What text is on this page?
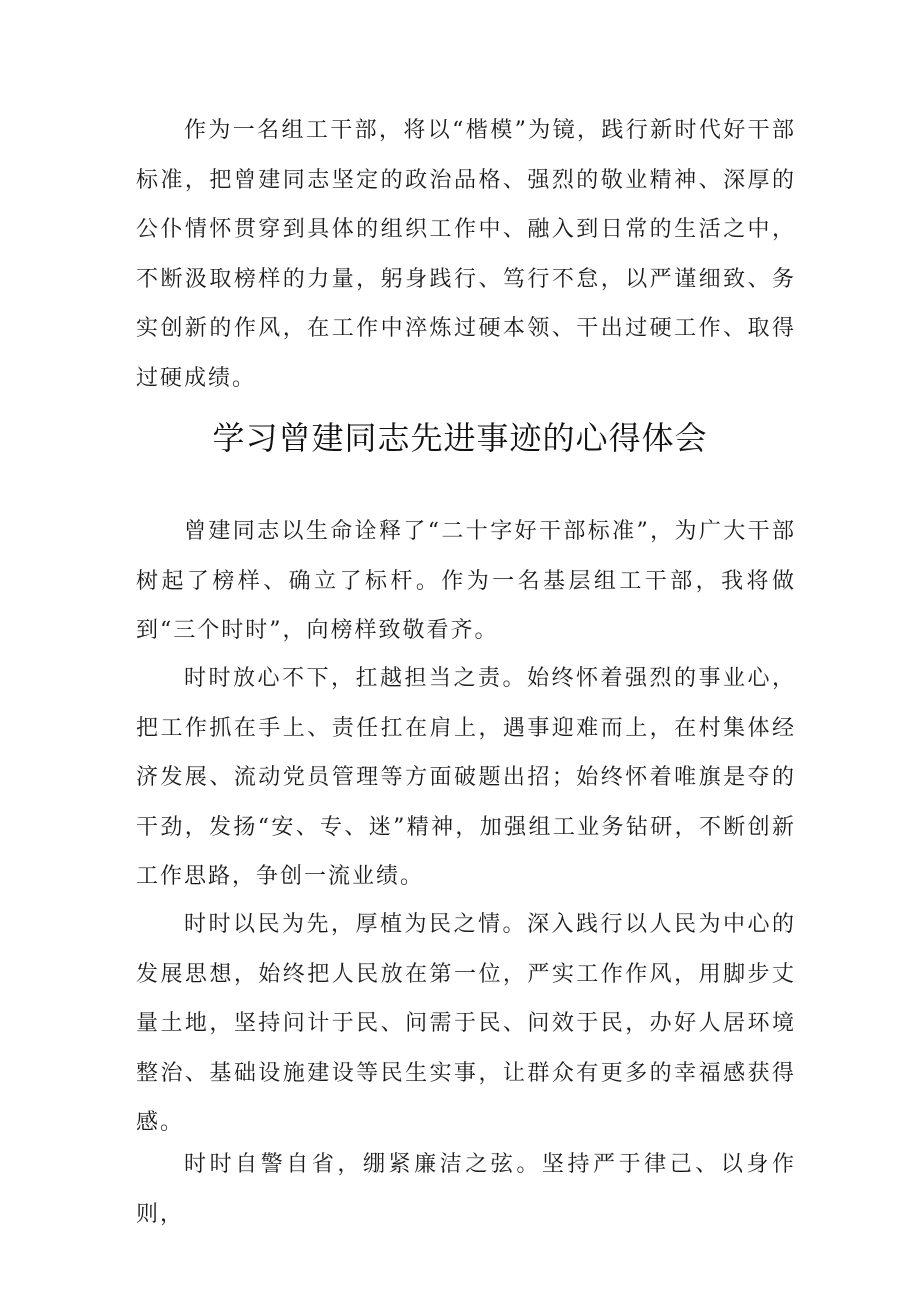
作为一名组工干部，将以“楷模”为镜，践行新时代好干部标准，把曾建同志坚定的政治品格、强烈的敬业精神、深厚的公仆情怀贯穿到具体的组织工作中、融入到日常的生活之中，不断汲取榜样的力量，躬身践行、笃行不怠，以严谨细致、务实创新的作风，在工作中淬炼过硬本领、干出过硬工作、取得过硬成绩。

学习曾建同志先进事迹的心得体会

曾建同志以生命诠释了“二十字好干部标准”，为广大干部树起了榜样、确立了标杆。作为一名基层组工干部，我将做到“三个时时”，向榜样致敬看齐。

时时放心不下，扛越担当之责。始终怀着强烈的事业心，把工作抓在手上、责任扛在肩上，遇事迎难而上，在村集体经济发展、流动党员管理等方面破题出招；始终怀着唯旗是夺的干劲，发扬“安、专、迷”精神，加强组工业务钻研，不断创新工作思路，争创一流业绩。

时时以民为先，厚植为民之情。深入践行以人民为中心的发展思想，始终把人民放在第一位，严实工作作风，用脚步丈量土地，坚持问计于民、问需于民、问效于民，办好人居环境整治、基础设施建设等民生实事，让群众有更多的幸福感获得感。

时时自警自省，绷紧廉洁之弦。坚持严于律己、以身作则，
